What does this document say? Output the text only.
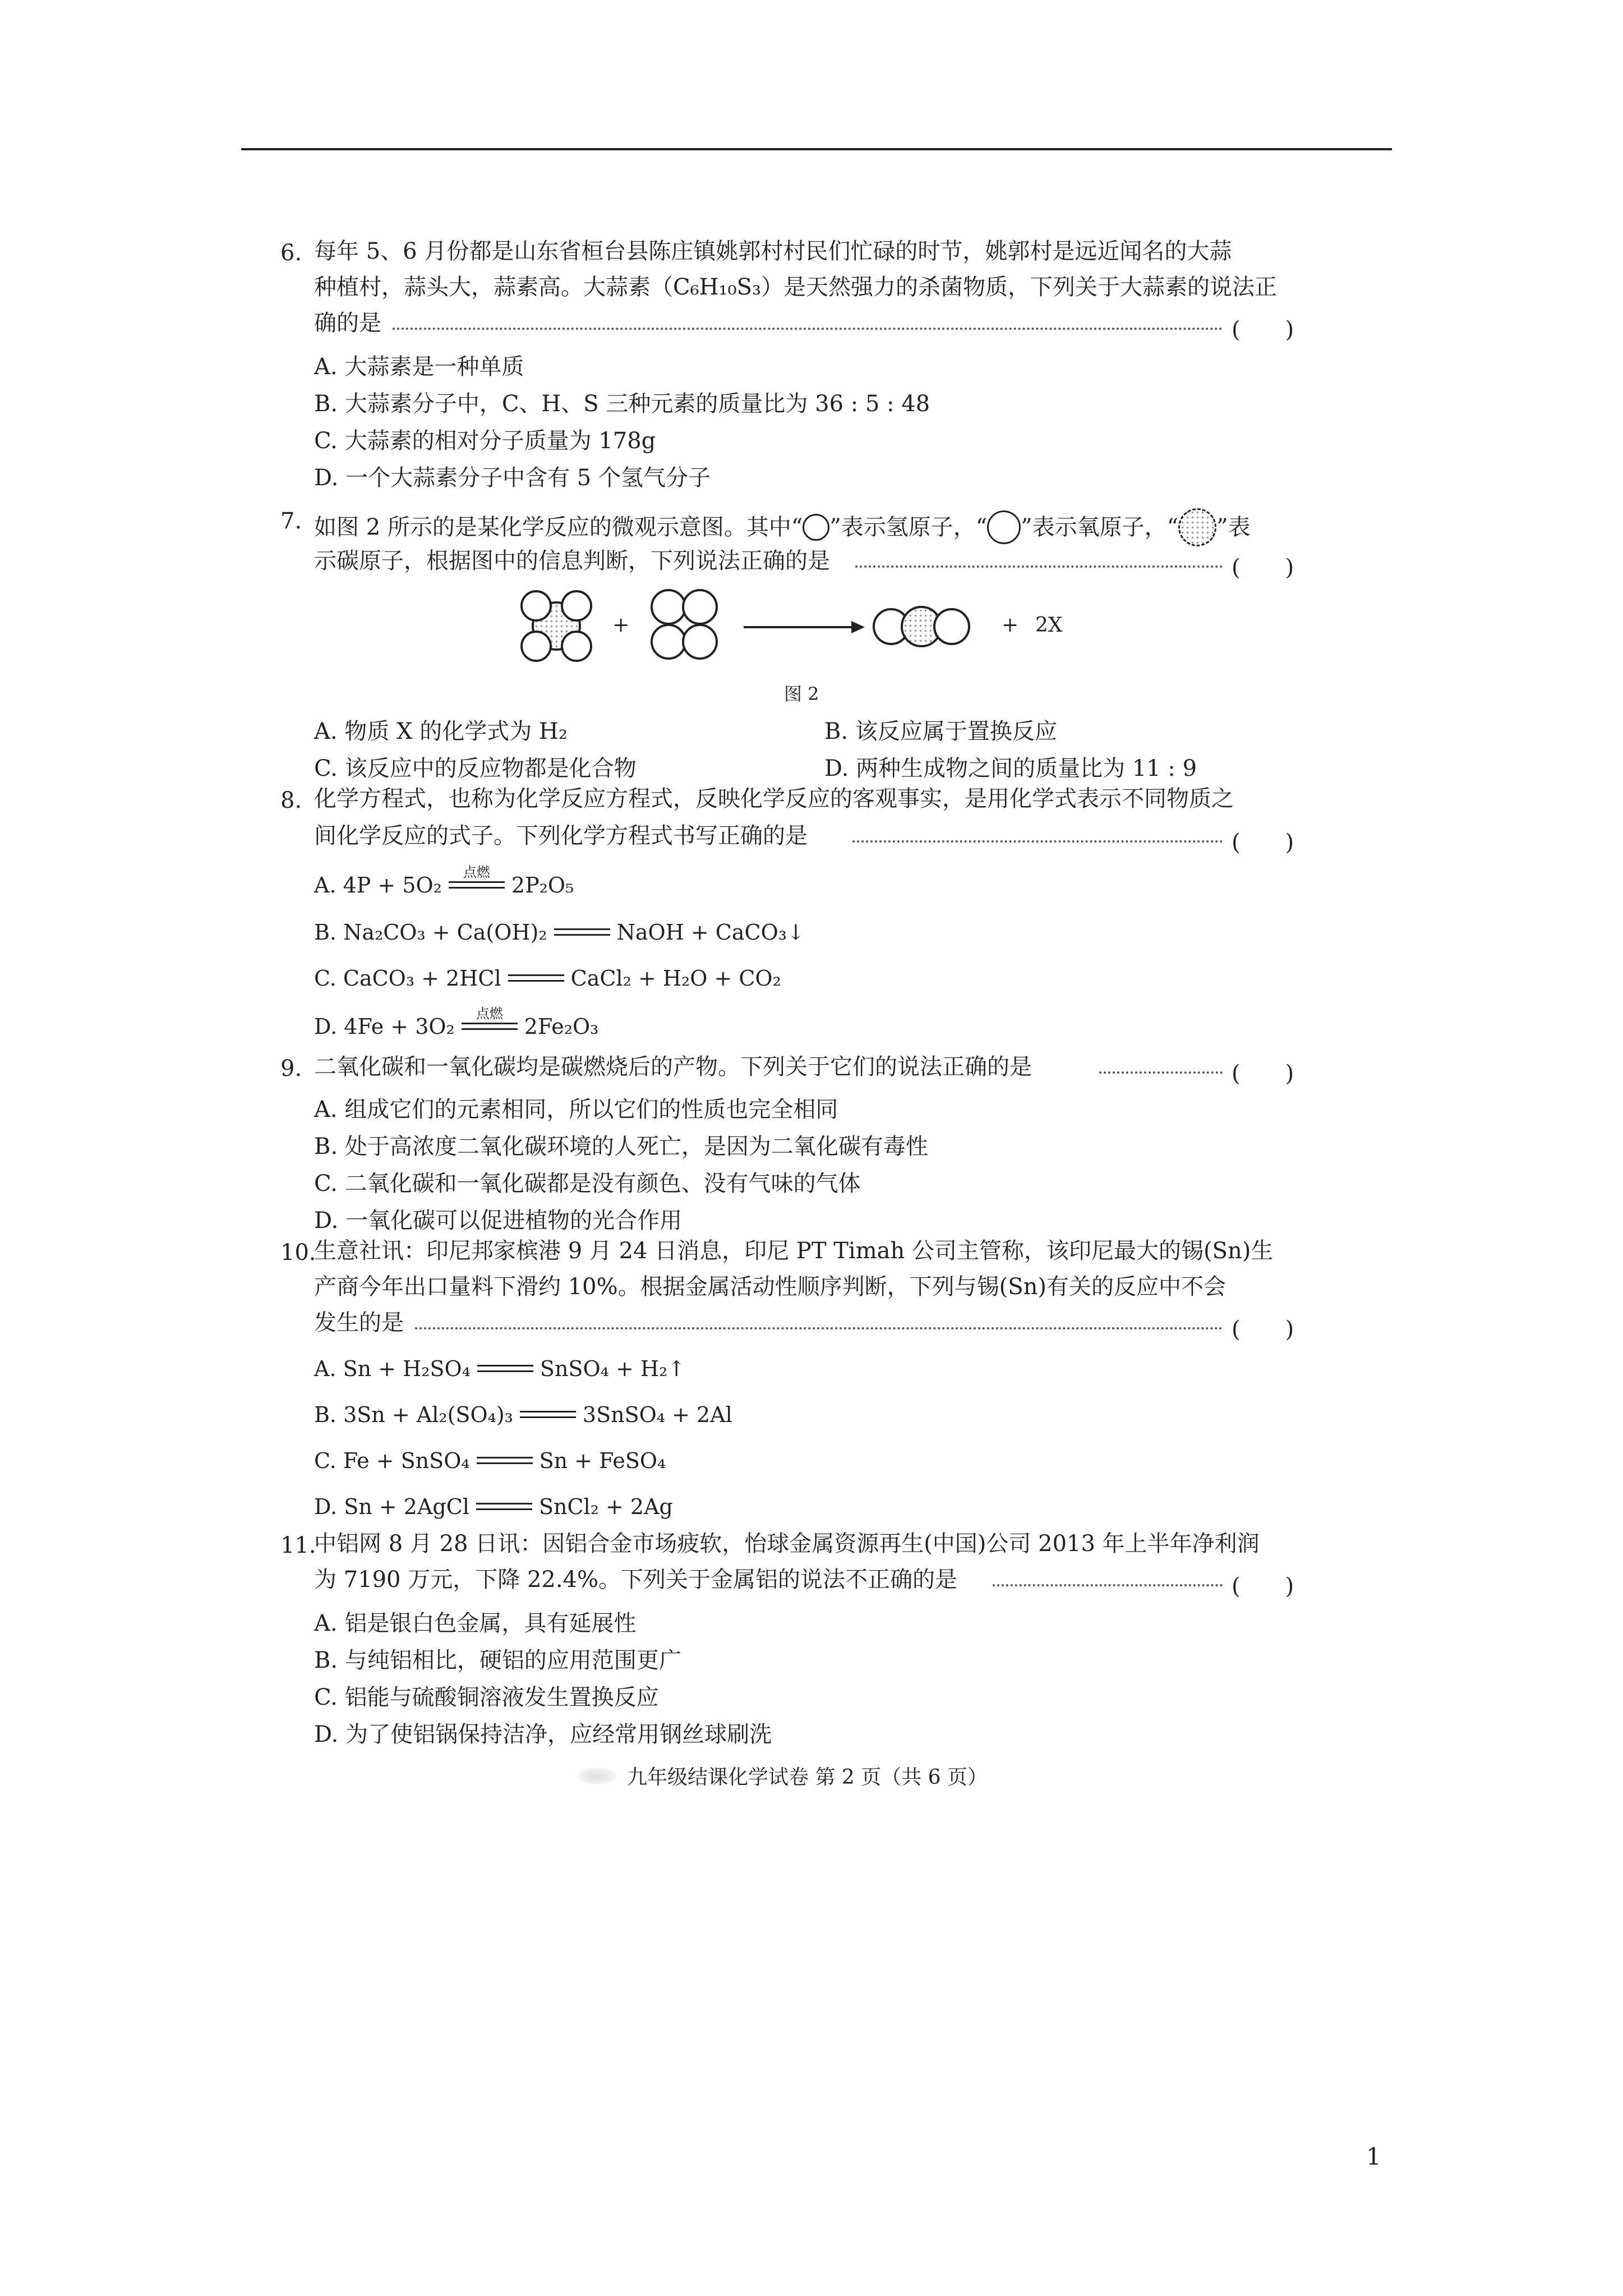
6. 每年 5、6 月份都是山东省桓台县陈庄镇姚郭村村民们忙碌的时节，姚郭村是远近闻名的大蒜
种植村，蒜头大，蒜素高。大蒜素（C₆H₁₀S₃）是天然强力的杀菌物质，下列关于大蒜素的说法正
确的是	(　　)
A. 大蒜素是一种单质
B. 大蒜素分子中，C、H、S 三种元素的质量比为 36 : 5 : 48
C. 大蒜素的相对分子质量为 178g
D. 一个大蒜素分子中含有 5 个氢气分子
7. 如图 2 所示的是某化学反应的微观示意图。其中“ ”表示氢原子，“ ”表示氧原子，“ ”表
示碳原子，根据图中的信息判断，下列说法正确的是	(　　)
+	+ 2X
图 2
A. 物质 X 的化学式为 H₂	B. 该反应属于置换反应
C. 该反应中的反应物都是化合物	D. 两种生成物之间的质量比为 11 : 9
8. 化学方程式，也称为化学反应方程式，反映化学反应的客观事实，是用化学式表示不同物质之
间化学反应的式子。下列化学方程式书写正确的是	(　　)
A. 4P + 5O₂
点燃
2P₂O₅
B. Na₂CO₃ + Ca(OH)₂	NaOH + CaCO₃↓
C. CaCO₃ + 2HCl	CaCl₂ + H₂O + CO₂
D. 4Fe + 3O₂
点燃
2Fe₂O₃
9. 二氧化碳和一氧化碳均是碳燃烧后的产物。下列关于它们的说法正确的是	(　　)
A. 组成它们的元素相同，所以它们的性质也完全相同
B. 处于高浓度二氧化碳环境的人死亡，是因为二氧化碳有毒性
C. 二氧化碳和一氧化碳都是没有颜色、没有气味的气体
D. 一氧化碳可以促进植物的光合作用
10.
生意社讯：印尼邦家槟港 9 月 24 日消息，印尼 PT Timah 公司主管称，该印尼最大的锡(Sn)生
产商今年出口量料下滑约 10%。根据金属活动性顺序判断，下列与锡(Sn)有关的反应中不会
发生的是	(　　)
A. Sn + H₂SO₄	SnSO₄ + H₂↑
B. 3Sn + Al₂(SO₄)₃	3SnSO₄ + 2Al
C. Fe + SnSO₄	Sn + FeSO₄
D. Sn + 2AgCl	SnCl₂ + 2Ag
11.
中铝网 8 月 28 日讯：因铝合金市场疲软，怡球金属资源再生(中国)公司 2013 年上半年净利润
为 7190 万元，下降 22.4%。下列关于金属铝的说法不正确的是	(　　)
A. 铝是银白色金属，具有延展性
B. 与纯铝相比，硬铝的应用范围更广
C. 铝能与硫酸铜溶液发生置换反应
D. 为了使铝锅保持洁净，应经常用钢丝球刷洗
九年级结课化学试卷 第 2 页（共 6 页）
1
